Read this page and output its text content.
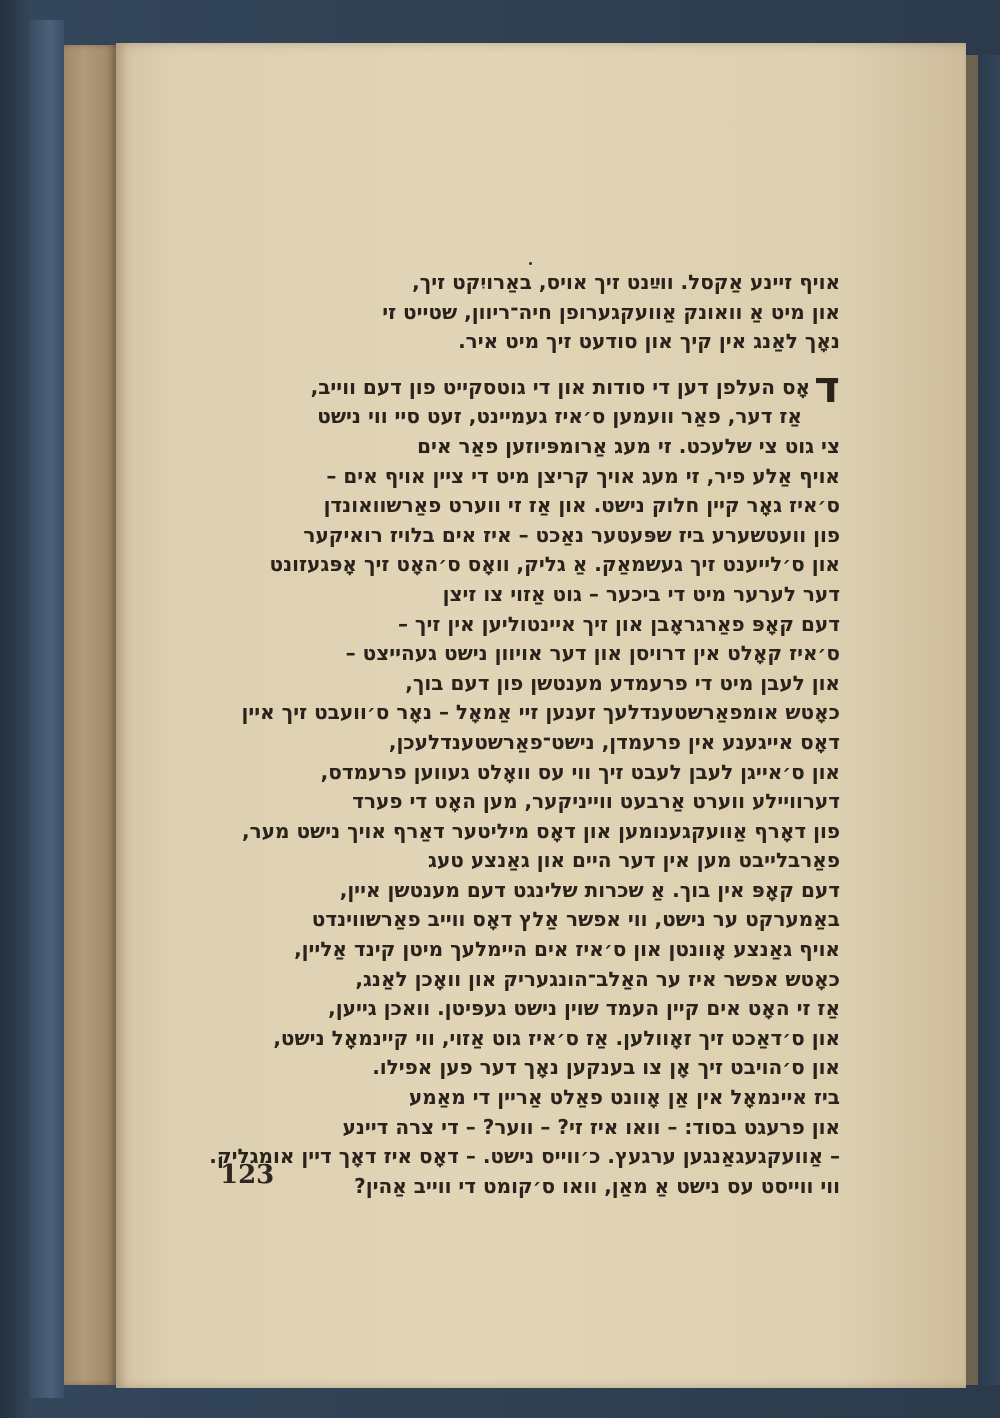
אויף זיינע אַקסל. ווײַנט זיך אויס, באַרויִקט זיך,
און מיט אַ וואונק אַוועקגערופן חיה־ריוון, שטייט זי
נאָך לאַנג אין קיך און סודעט זיך מיט איר.
דאָס העלפן דען די סודות און די גוטסקייט פון דעם ווייב,
אַז דער, פאַר וועמען ס׳איז געמיינט, זעט סיי ווי נישט
צי גוט צי שלעכט. זי מעג אַרומפּיוזען פאַר אים
אויף אַלע פיר, זי מעג אויך קריצן מיט די ציין אויף אים –
ס׳איז גאָר קיין חלוק נישט. און אַז זי ווערט פאַרשוואונדן
פון וועטשערע ביז שפּעטער נאַכט – איז אים בלויז רואיקער
און ס׳לייענט זיך געשמאַק. אַ גליק, וואָס ס׳האָט זיך אָפּגעזונט
דער לערער מיט די ביכער – גוט אַזוי צו זיצן
דעם קאָפּ פאַרגראָבן און זיך איינטוליען אין זיך –
ס׳איז קאָלט אין דרויסן און דער אויוון נישט געהייצט –
און לעבן מיט די פרעמדע מענטשן פון דעם בוך,
כאָטש אומפאַרשטענדלעך זענען זיי אַמאָל – נאָר ס׳וועבט זיך איין
דאָס אייגענע אין פרעמדן, נישט־פאַרשטענדלעכן,
און ס׳אייגן לעבן לעבט זיך ווי עס וואָלט געווען פרעמדס,
דערוויילע ווערט אַרבעט ווייניקער, מען האָט די פערד
פון דאָרף אַוועקגענומען און דאָס מיליטער דאַרף אויך נישט מער,
פאַרבלייבט מען אין דער היים און גאַנצע טעג
דעם קאָפּ אין בוך. אַ שכרות שלינגט דעם מענטשן איין,
באַמערקט ער נישט, ווי אפשר אַלץ דאָס ווייב פאַרשווינדט
אויף גאַנצע אָוונטן און ס׳איז אים היימלעך מיטן קינד אַליין,
כאָטש אפשר איז ער האַלב־הונגעריק און וואָכן לאַנג,
אַז זי האָט אים קיין העמד שוין נישט געפּיטן. וואכן גייען,
און ס׳דאַכט זיך זאָוולען. אַז ס׳איז גוט אַזוי, ווי קיינמאָל נישט,
און ס׳הויבט זיך אָן צו בענקען נאָך דער פען אפילו.
ביז איינמאָל אין אַן אָוונט פאַלט אַריין די מאַמע
און פרעגט בסוד: – וואו איז זי? – ווער? – די צרה דיינע
– אַוועקגעגאַנגען ערגעץ. כ׳ווייס נישט. – דאָס איז דאָך דיין אומגליק.
ווי ווייסט עס נישט אַ מאַן, וואו ס׳קומט די ווייב אַהין?
123
